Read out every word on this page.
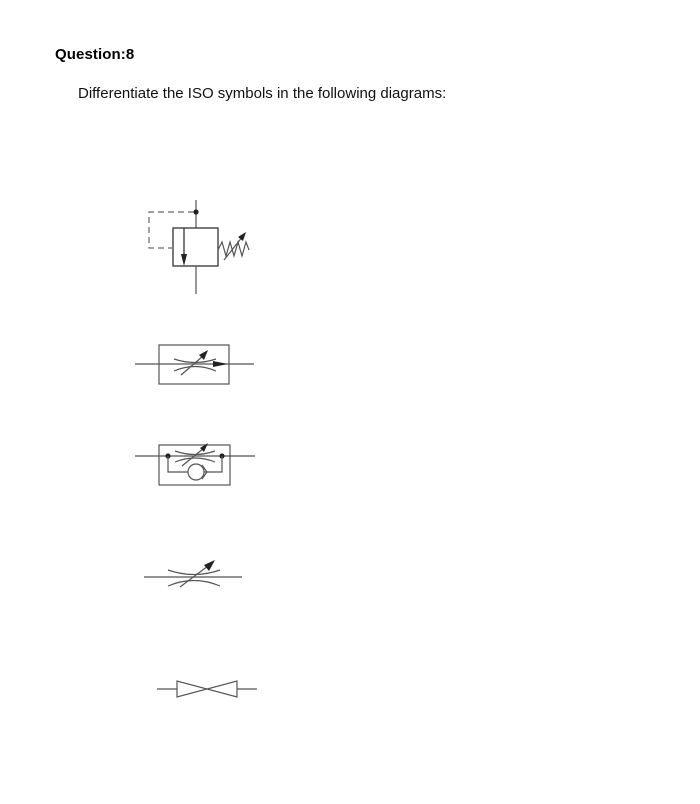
Question:8
Differentiate the ISO symbols in the following diagrams:
